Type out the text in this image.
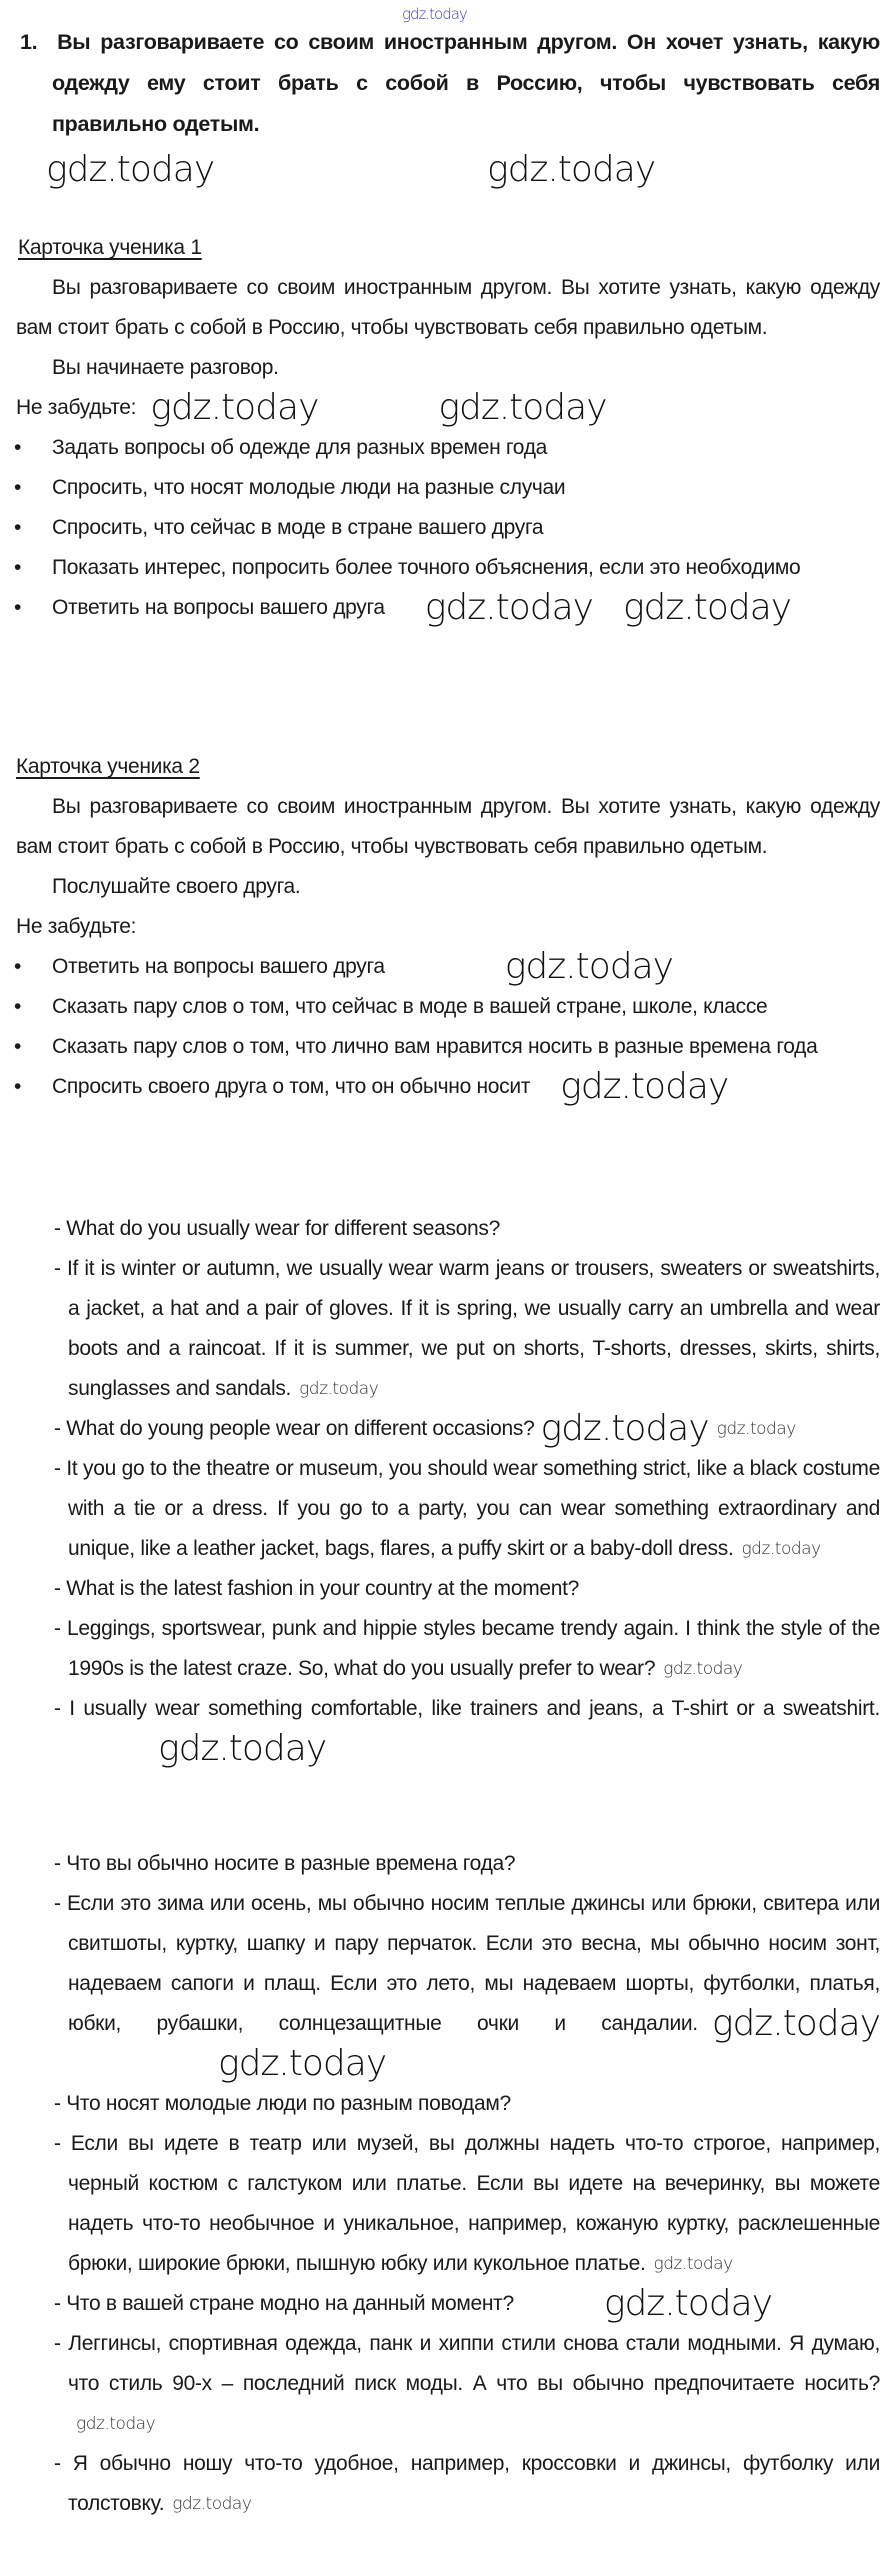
gdz.today
1. Вы разговариваете со своим иностранным другом. Он хочет узнать, какую одежду ему стоит брать с собой в Россию, чтобы чувствовать себя правильно одетым.
gdz.today	gdz.today
Карточка ученика 1
Вы разговариваете со своим иностранным другом. Вы хотите узнать, какую одежду вам стоит брать с собой в Россию, чтобы чувствовать себя правильно одетым.
Вы начинаете разговор.
Не забудьте: gdz.today	gdz.today
• Задать вопросы об одежде для разных времен года
• Спросить, что носят молодые люди на разные случаи
• Спросить, что сейчас в моде в стране вашего друга
• Показать интерес, попросить более точного объяснения, если это необходимо
• Ответить на вопросы вашего друга gdz.today gdz.today
Карточка ученика 2
Вы разговариваете со своим иностранным другом. Вы хотите узнать, какую одежду вам стоит брать с собой в Россию, чтобы чувствовать себя правильно одетым.
Послушайте своего друга.
Не забудьте:
• Ответить на вопросы вашего друга	gdz.today
• Сказать пару слов о том, что сейчас в моде в вашей стране, школе, классе
• Сказать пару слов о том, что лично вам нравится носить в разные времена года
• Спросить своего друга о том, что он обычно носит gdz.today

- What do you usually wear for different seasons?

- If it is winter or autumn, we usually wear warm jeans or trousers, sweaters or sweatshirts, a jacket, a hat and a pair of gloves. If it is spring, we usually carry an umbrella and wear boots and a raincoat. If it is summer, we put on shorts, T-shorts, dresses, skirts, shirts, sunglasses and sandals. gdz.today

- What do young people wear on different occasions? gdz.today gdz.today

- It you go to the theatre or museum, you should wear something strict, like a black costume with a tie or a dress. If you go to a party, you can wear something extraordinary and unique, like a leather jacket, bags, flares, a puffy skirt or a baby-doll dress. gdz.today

- What is the latest fashion in your country at the moment?

- Leggings, sportswear, punk and hippie styles became trendy again. I think the style of the 1990s is the latest craze. So, what do you usually prefer to wear? gdz.today

- I usually wear something comfortable, like trainers and jeans, a T-shirt or a sweatshirt.gdz.today

- Что вы обычно носите в разные времена года?

- Если это зима или осень, мы обычно носим теплые джинсы или брюки, свитера или свитшоты, куртку, шапку и пару перчаток. Если это весна, мы обычно носим зонт, надеваем сапоги и плащ. Если это лето, мы надеваем шорты, футболки, платья, юбки, рубашки, солнцезащитные очки и сандалии. gdz.todaygdz.today

- Что носят молодые люди по разным поводам?

- Если вы идете в театр или музей, вы должны надеть что-то строгое, например, черный костюм с галстуком или платье. Если вы идете на вечеринку, вы можете надеть что-то необычное и уникальное, например, кожаную куртку, расклешенные брюки, широкие брюки, пышную юбку или кукольное платье. gdz.today

- Что в вашей стране модно на данный момент?	gdz.today

- Леггинсы, спортивная одежда, панк и хиппи стили снова стали модными. Я думаю, что стиль 90-х – последний писк моды. А что вы обычно предпочитаете носить?gdz.today

- Я обычно ношу что-то удобное, например, кроссовки и джинсы, футболку или толстовку. gdz.today
